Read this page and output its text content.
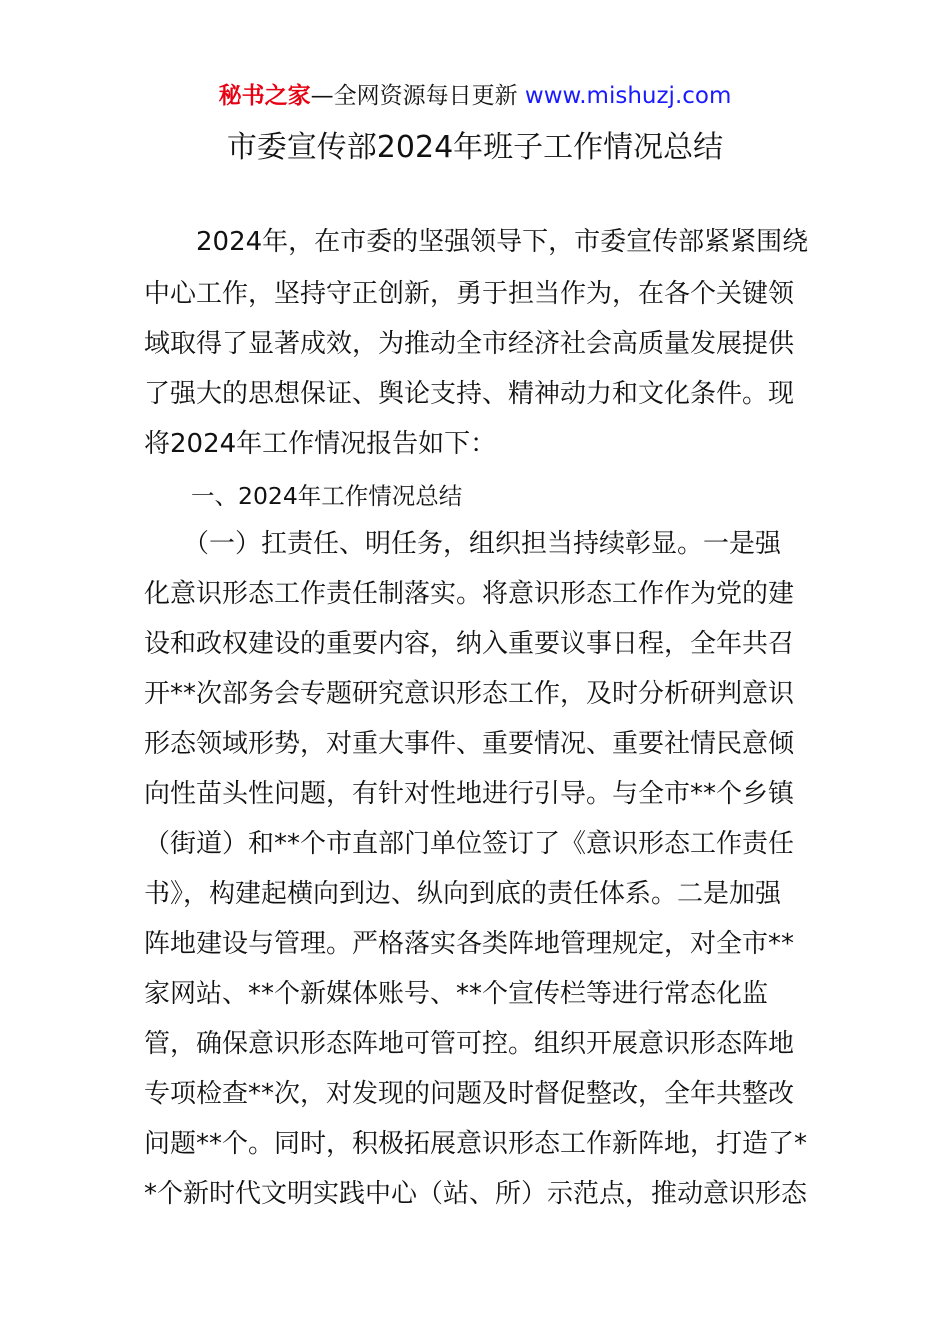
秘书之家—全网资源每日更新 www.mishuzj.com
市委宣传部2024年班子工作情况总结
　　2024年，在市委的坚强领导下，市委宣传部紧紧围绕
中心工作，坚持守正创新，勇于担当作为，在各个关键领
域取得了显著成效，为推动全市经济社会高质量发展提供
了强大的思想保证、舆论支持、精神动力和文化条件。现
将2024年工作情况报告如下：
　　一、2024年工作情况总结
　　（一）扛责任、明任务，组织担当持续彰显。一是强
化意识形态工作责任制落实。将意识形态工作作为党的建
设和政权建设的重要内容，纳入重要议事日程，全年共召
开**次部务会专题研究意识形态工作，及时分析研判意识
形态领域形势，对重大事件、重要情况、重要社情民意倾
向性苗头性问题，有针对性地进行引导。与全市**个乡镇
（街道）和**个市直部门单位签订了《意识形态工作责任
书》，构建起横向到边、纵向到底的责任体系。二是加强
阵地建设与管理。严格落实各类阵地管理规定，对全市**
家网站、**个新媒体账号、**个宣传栏等进行常态化监
管，确保意识形态阵地可管可控。组织开展意识形态阵地
专项检查**次，对发现的问题及时督促整改，全年共整改
问题**个。同时，积极拓展意识形态工作新阵地，打造了*
*个新时代文明实践中心（站、所）示范点，推动意识形态
